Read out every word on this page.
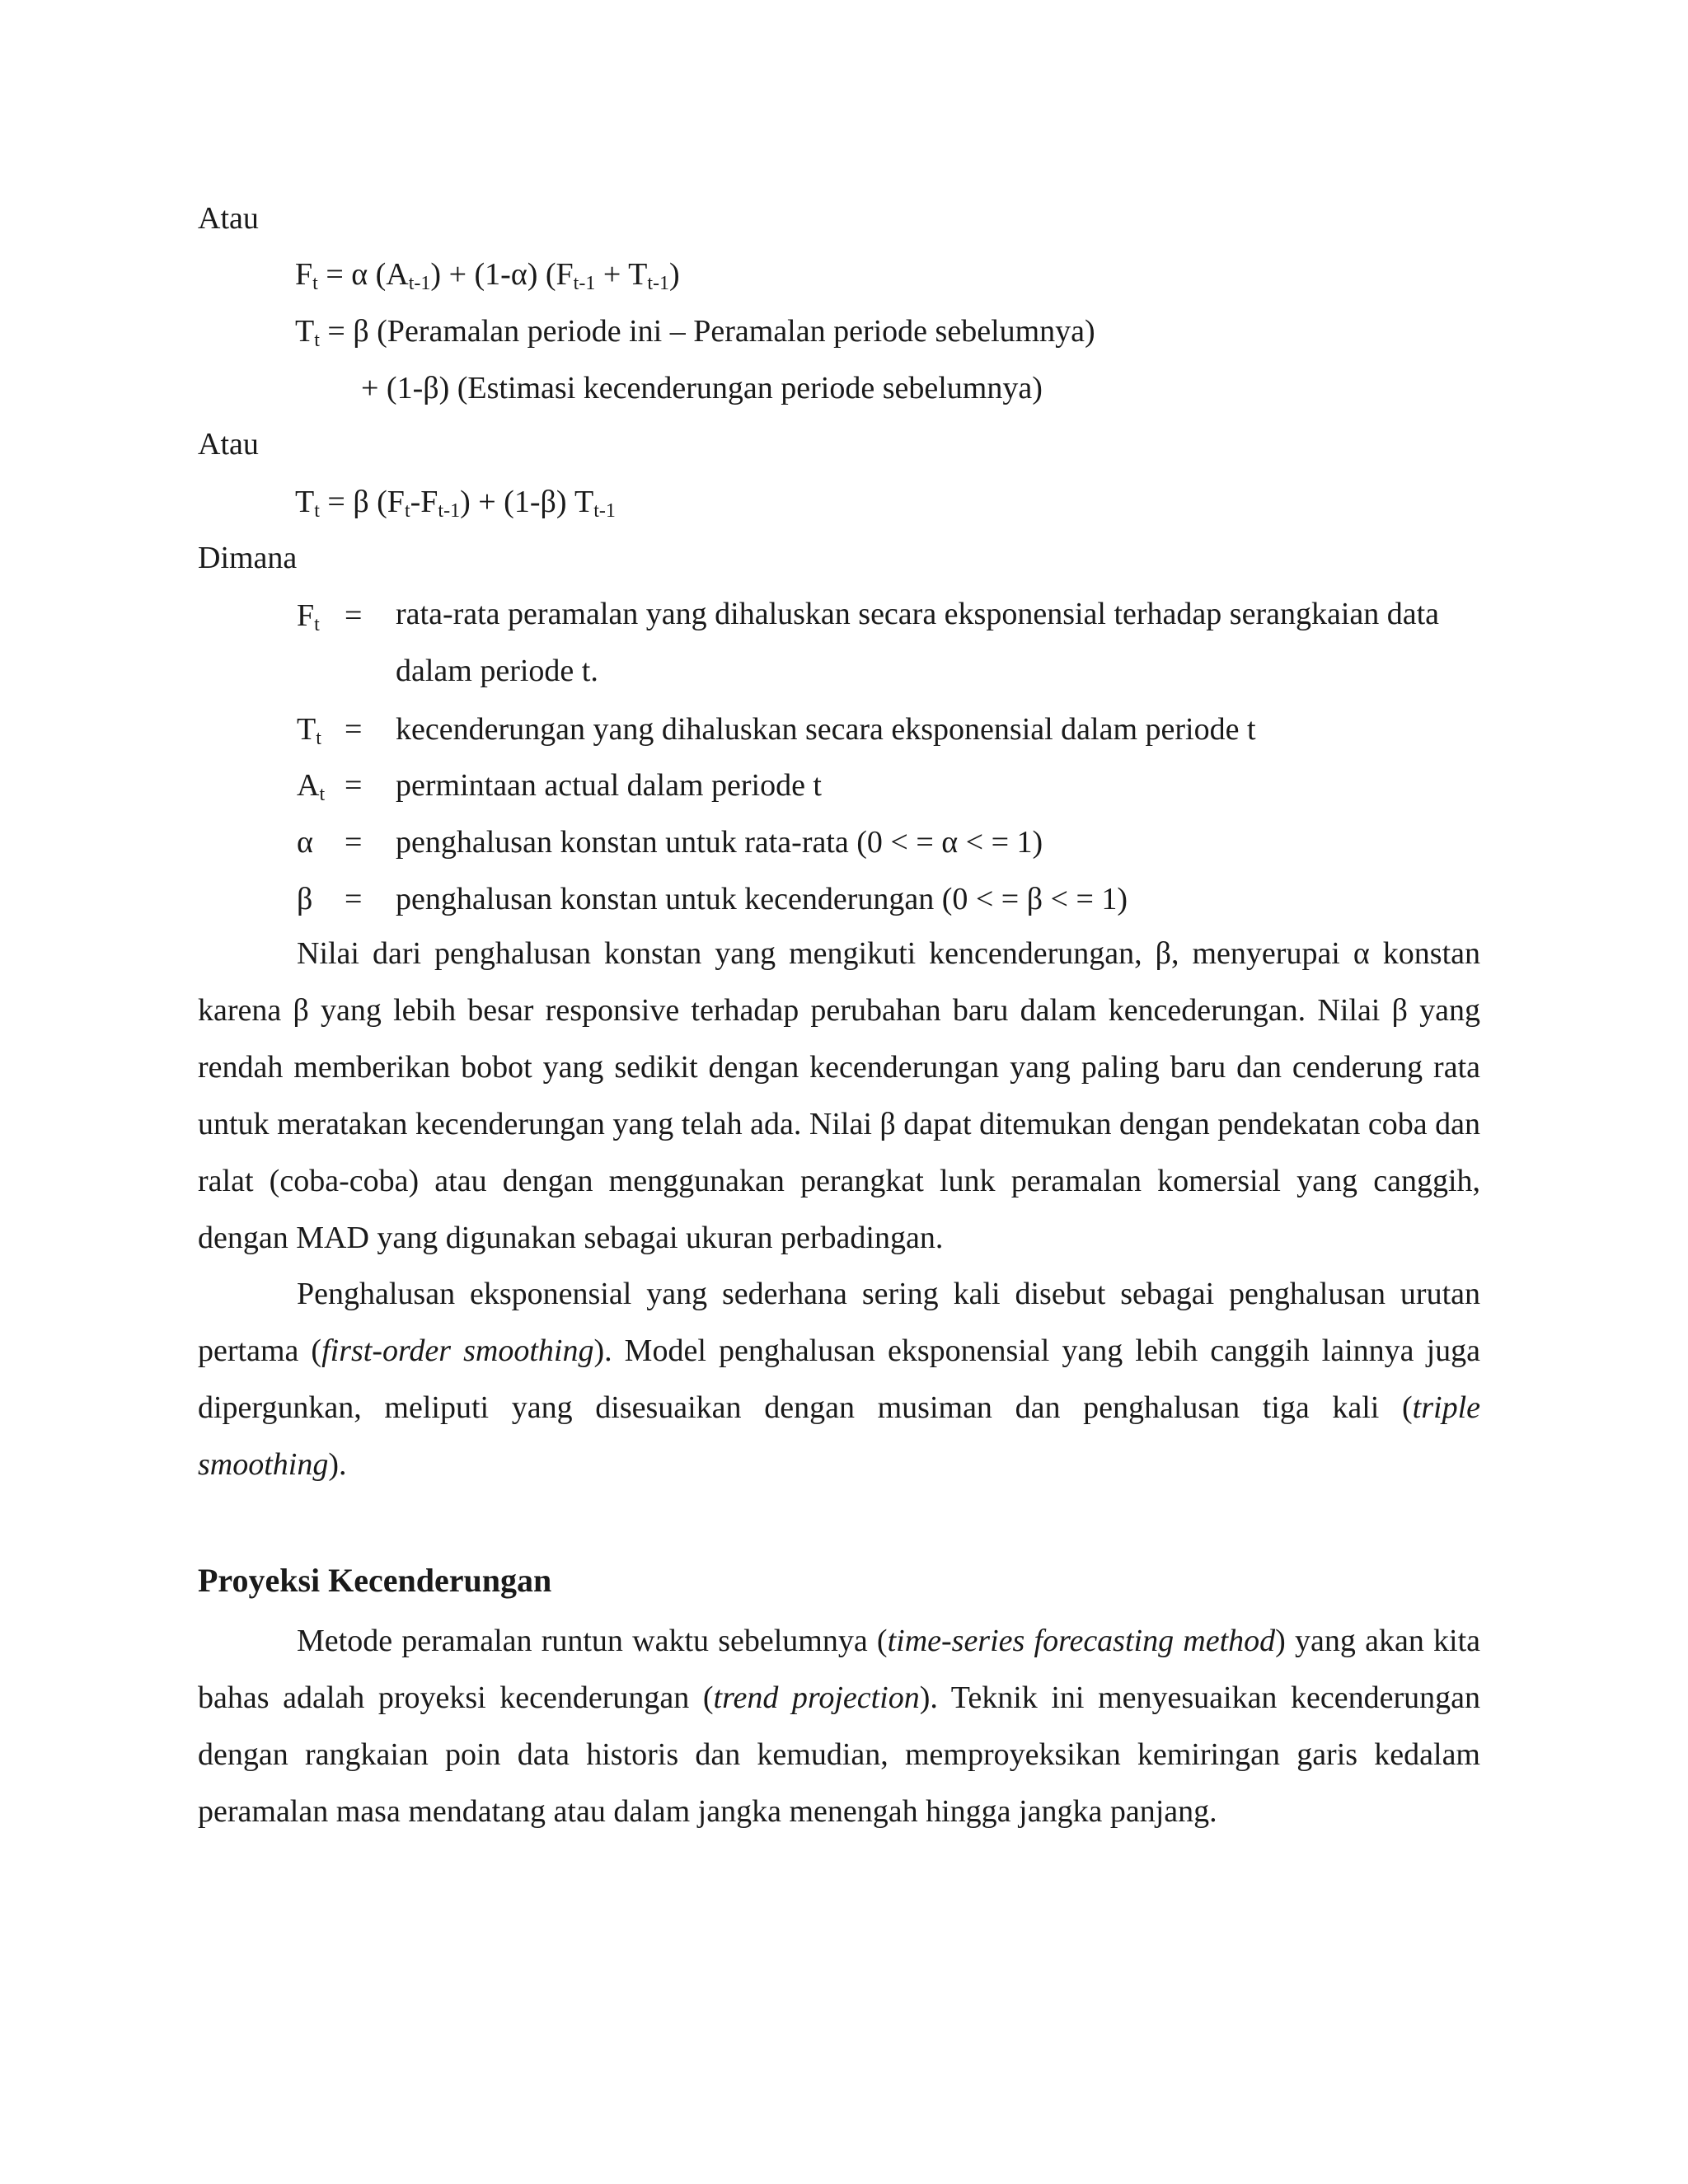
Atau
$F_t = \alpha$ $(A_{t-1}) + (1-\alpha) (F_{t-1} + T_{t-1})$
$T_t = \beta$ (Peramalan periode ini – Peramalan periode sebelumnya)
+ (1-β) (Estimasi kecenderungan periode sebelumnya)
Atau
$T_t = \beta$ $(F_t-F_{t-1}) + (1-\beta)$ $T_{t-1}$
Dimana
$F_t$ = rata-rata peramalan yang dihaluskan secara eksponensial terhadap serangkaian data dalam periode t.
$T_t$ = kecenderungan yang dihaluskan secara eksponensial dalam periode t
$A_t$ = permintaan actual dalam periode t
α = penghalusan konstan untuk rata-rata (0 < = α < = 1)
β = penghalusan konstan untuk kecenderungan (0 < = β < = 1)
Nilai dari penghalusan konstan yang mengikuti kencenderungan, β, menyerupai α konstan karena β yang lebih besar responsive terhadap perubahan baru dalam kencederungan. Nilai β yang rendah memberikan bobot yang sedikit dengan kecenderungan yang paling baru dan cenderung rata untuk meratakan kecenderungan yang telah ada. Nilai β dapat ditemukan dengan pendekatan coba dan ralat (coba-coba) atau dengan menggunakan perangkat lunk peramalan komersial yang canggih, dengan MAD yang digunakan sebagai ukuran perbadingan.
Penghalusan eksponensial yang sederhana sering kali disebut sebagai penghalusan urutan pertama (first-order smoothing). Model penghalusan eksponensial yang lebih canggih lainnya juga dipergunkan, meliputi yang disesuaikan dengan musiman dan penghalusan tiga kali (triple smoothing).
Proyeksi Kecenderungan
Metode peramalan runtun waktu sebelumnya (time-series forecasting method) yang akan kita bahas adalah proyeksi kecenderungan (trend projection). Teknik ini menyesuaikan kecenderungan dengan rangkaian poin data historis dan kemudian, memproyeksikan kemiringan garis kedalam peramalan masa mendatang atau dalam jangka menengah hingga jangka panjang.
